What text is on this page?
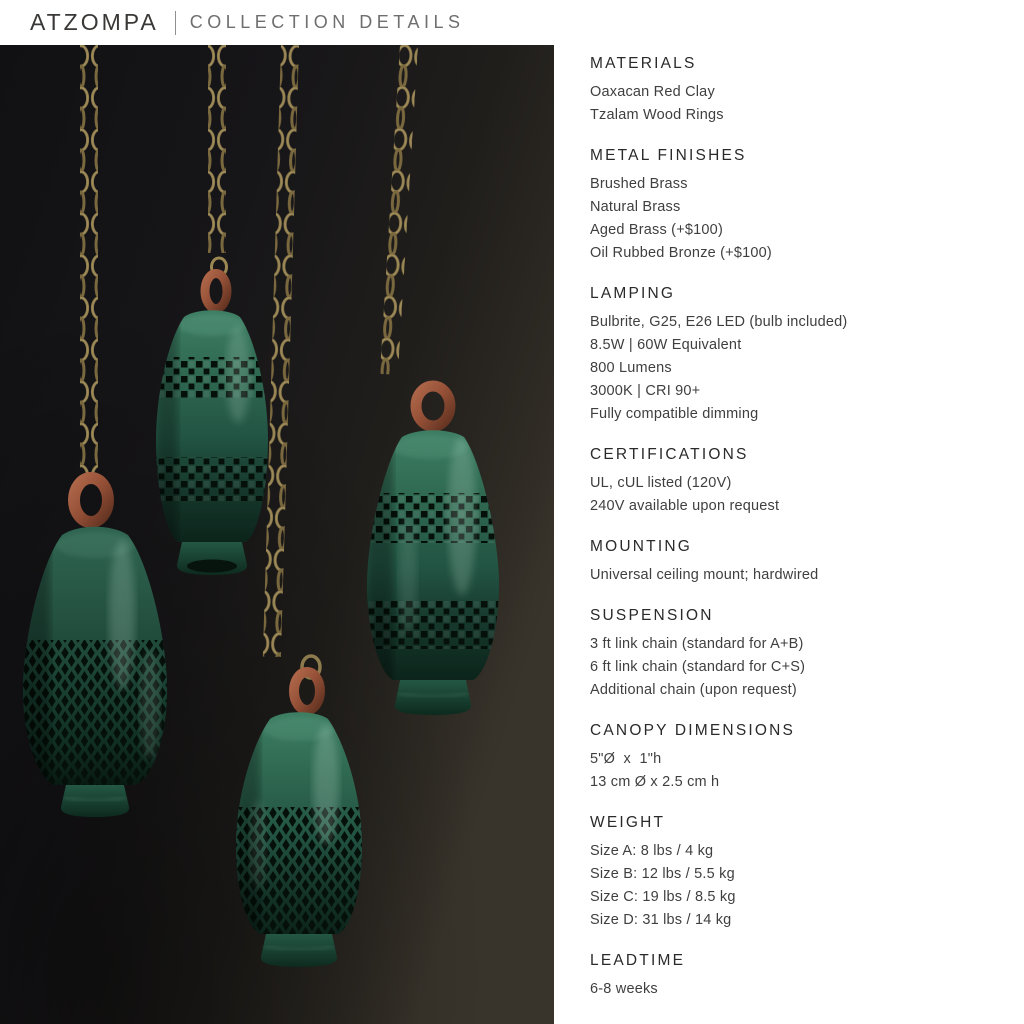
ATZOMPA COLLECTION DETAILS
MATERIALS

Oaxacan Red Clay

Tzalam Wood Rings

METAL FINISHES

Brushed Brass

Natural Brass

Aged Brass (+$100)

Oil Rubbed Bronze (+$100)

LAMPING

Bulbrite, G25, E26 LED (bulb included)

8.5W | 60W Equivalent

800 Lumens

3000K | CRI 90+

Fully compatible dimming

CERTIFICATIONS

UL, cUL listed (120V)

240V available upon request

MOUNTING

Universal ceiling mount; hardwired

SUSPENSION

3 ft link chain (standard for A+B)

6 ft link chain (standard for C+S)

Additional chain (upon request)

CANOPY DIMENSIONS

5"Ø  x  1"h

13 cm Ø x 2.5 cm h

WEIGHT

Size A: 8 lbs / 4 kg

Size B: 12 lbs / 5.5 kg

Size C: 19 lbs / 8.5 kg

Size D: 31 lbs / 14 kg

LEADTIME

6-8 weeks
